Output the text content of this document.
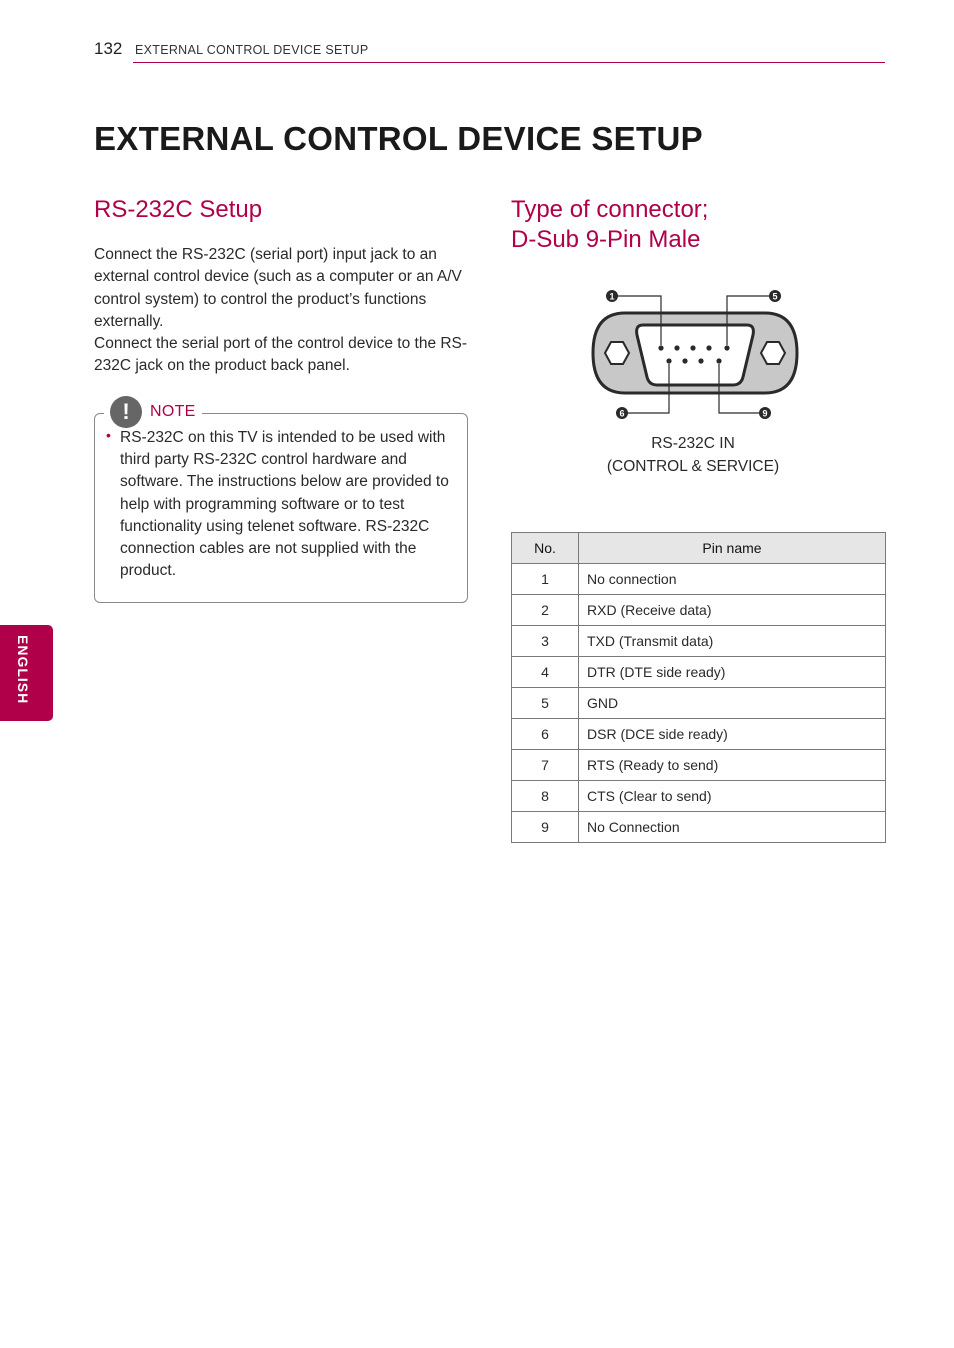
132 EXTERNAL CONTROL DEVICE SETUP
EXTERNAL CONTROL DEVICE SETUP
RS-232C Setup

Connect the RS-232C (serial port) input jack to an external control device (such as a computer or an A/V control system) to control the product’s functions externally.

Connect the serial port of the control device to the RS-232C jack on the product back panel.

!	NOTE
• RS-232C on this TV is intended to be used with third party RS-232C control hardware and software. The instructions below are provided to help with programming software or to test functionality using telenet software. RS-232C connection cables are not supplied with the product.
ENGLISH
Type of connector;
D-Sub 9-Pin Male
1	5
6	9
RS-232C IN
(CONTROL & SERVICE)
No.	Pin name
1	No connection
2	RXD (Receive data)
3	TXD (Transmit data)
4	DTR (DTE side ready)
5	GND
6	DSR (DCE side ready)
7	RTS (Ready to send)
8	CTS (Clear to send)
9	No Connection
